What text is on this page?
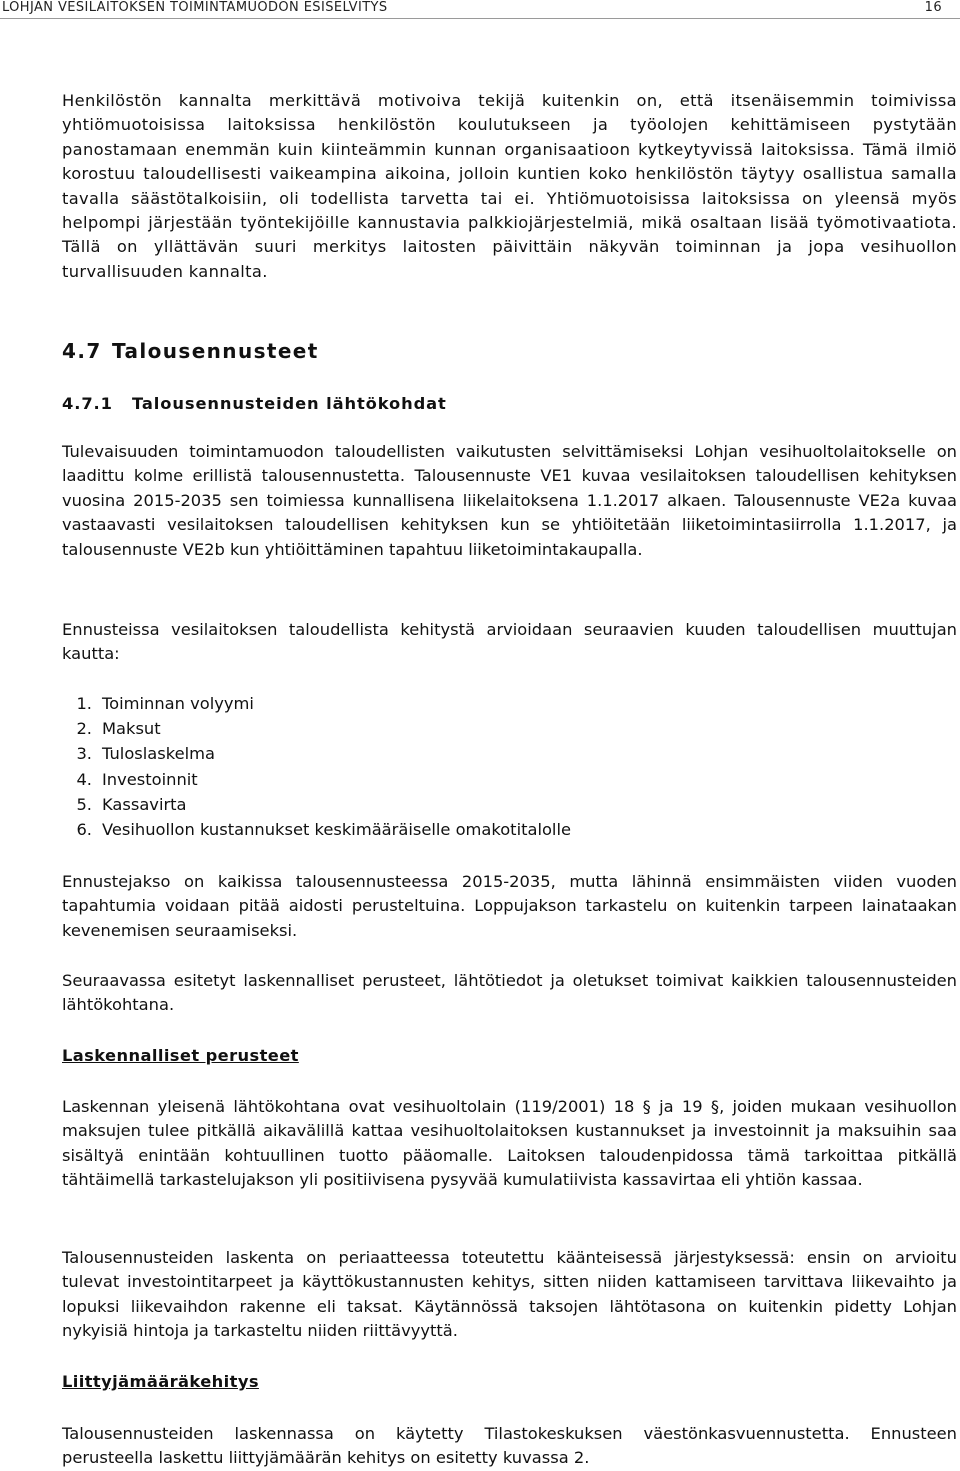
LOHJAN VESILAITOKSEN TOIMINTAMUODON ESISELVITYS	16

Henkilöstön kannalta merkittävä motivoiva tekijä kuitenkin on, että itsenäisemmin toimivissa yhtiömuotoisissa laitoksissa henkilöstön koulutukseen ja työolojen kehittämiseen pystytään panostamaan enemmän kuin kiinteämmin kunnan organisaatioon kytkeytyvissä laitoksissa. Tämä ilmiö korostuu taloudellisesti vaikeampina aikoina, jolloin kuntien koko henkilöstön täytyy osallistua samalla tavalla säästötalkoisiin, oli todellista tarvetta tai ei. Yhtiömuotoisissa laitoksissa on yleensä myös helpompi järjestään työntekijöille kannustavia palkkiojärjestelmiä, mikä osaltaan lisää työmotivaatiota. Tällä on yllättävän suuri merkitys laitosten päivittäin näkyvän toiminnan ja jopa vesihuollon turvallisuuden kannalta.

4.7 Talousennusteet
4.7.1 Talousennusteiden lähtökohdat

Tulevaisuuden toimintamuodon taloudellisten vaikutusten selvittämiseksi Lohjan vesihuoltolaitokselle on laadittu kolme erillistä talousennustetta. Talousennuste VE1 kuvaa vesilaitoksen taloudellisen kehityksen vuosina 2015-2035 sen toimiessa kunnallisena liikelaitoksena 1.1.2017 alkaen. Talousennuste VE2a kuvaa vastaavasti vesilaitoksen taloudellisen kehityksen kun se yhtiöitetään liiketoimintasiirrolla 1.1.2017, ja talousennuste VE2b kun yhtiöittäminen tapahtuu liiketoimintakaupalla.

Ennusteissa vesilaitoksen taloudellista kehitystä arvioidaan seuraavien kuuden taloudellisen muuttujan kautta:

1. Toiminnan volyymi
2. Maksut
3. Tuloslaskelma
4. Investoinnit
5. Kassavirta
6. Vesihuollon kustannukset keskimääräiselle omakotitalolle

Ennustejakso on kaikissa talousennusteessa 2015-2035, mutta lähinnä ensimmäisten viiden vuoden tapahtumia voidaan pitää aidosti perusteltuina. Loppujakson tarkastelu on kuitenkin tarpeen lainataakan kevenemisen seuraamiseksi.

Seuraavassa esitetyt laskennalliset perusteet, lähtötiedot ja oletukset toimivat kaikkien talousennusteiden lähtökohtana.

Laskennalliset perusteet

Laskennan yleisenä lähtökohtana ovat vesihuoltolain (119/2001) 18 § ja 19 §, joiden mukaan vesihuollon maksujen tulee pitkällä aikavälillä kattaa vesihuoltolaitoksen kustannukset ja investoinnit ja maksuihin saa sisältyä enintään kohtuullinen tuotto pääomalle. Laitoksen taloudenpidossa tämä tarkoittaa pitkällä tähtäimellä tarkastelujakson yli positiivisena pysyvää kumulatiivista kassavirtaa eli yhtiön kassaa.

Talousennusteiden laskenta on periaatteessa toteutettu käänteisessä järjestyksessä: ensin on arvioitu tulevat investointitarpeet ja käyttökustannusten kehitys, sitten niiden kattamiseen tarvittava liikevaihto ja lopuksi liikevaihdon rakenne eli taksat. Käytännössä taksojen lähtötasona on kuitenkin pidetty Lohjan nykyisiä hintoja ja tarkasteltu niiden riittävyyttä.

Liittyjämääräkehitys

Talousennusteiden laskennassa on käytetty Tilastokeskuksen väestönkasvuennustetta. Ennusteen perusteella laskettu liittyjämäärän kehitys on esitetty kuvassa 2.
